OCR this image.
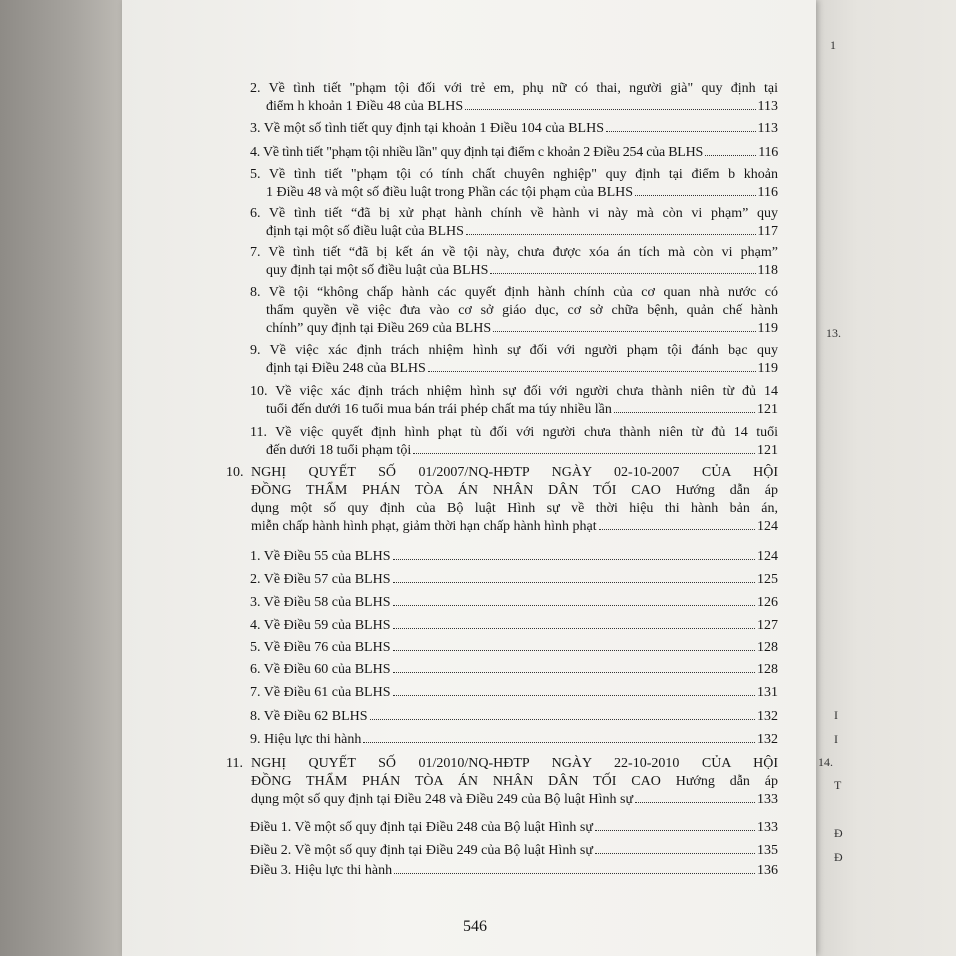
1
13.
14.
T
Đ
Đ
I
I
2. Về tình tiết "phạm tội đối với trẻ em, phụ nữ có thai, người già" quy định tại
điểm h khoản 1 Điều 48 của BLHS	113
3. Về một số tình tiết quy định tại khoản 1 Điều 104 của BLHS	113
4. Về tình tiết "phạm tội nhiều lần" quy định tại điểm c khoản 2 Điều 254 của BLHS	116
5. Về tình tiết "phạm tội có tính chất chuyên nghiệp" quy định tại điểm b khoản
1 Điều 48 và một số điều luật trong Phần các tội phạm của BLHS	116
6. Về tình tiết “đã bị xử phạt hành chính về hành vi này mà còn vi phạm” quy
định tại một số điều luật của BLHS	117
7. Về tình tiết “đã bị kết án về tội này, chưa được xóa án tích mà còn vi phạm”
quy định tại một số điều luật của BLHS	118
8. Về tội “không chấp hành các quyết định hành chính của cơ quan nhà nước có
thẩm quyền về việc đưa vào cơ sở giáo dục, cơ sở chữa bệnh, quản chế hành
chính” quy định tại Điều 269 của BLHS	119
9. Về việc xác định trách nhiệm hình sự đối với người phạm tội đánh bạc quy
định tại Điều 248 của BLHS	119
10. Về việc xác định trách nhiệm hình sự đối với người chưa thành niên từ đủ 14
tuổi đến dưới 16 tuổi mua bán trái phép chất ma túy nhiều lần	121
11. Về việc quyết định hình phạt tù đối với người chưa thành niên từ đủ 14 tuổi
đến dưới 18 tuổi phạm tội	121
10. NGHỊ QUYẾT SỐ 01/2007/NQ-HĐTP NGÀY 02-10-2007 CỦA HỘI
ĐỒNG THẨM PHÁN TÒA ÁN NHÂN DÂN TỐI CAO Hướng dẫn áp
dụng một số quy định của Bộ luật Hình sự về thời hiệu thi hành bản án,
miễn chấp hành hình phạt, giảm thời hạn chấp hành hình phạt	124
1. Về Điều 55 của BLHS	124
2. Về Điều 57 của BLHS	125
3. Về Điều 58 của BLHS	126
4. Về Điều 59 của BLHS	127
5. Về Điều 76 của BLHS	128
6. Về Điều 60 của BLHS	128
7. Về Điều 61 của BLHS	131
8. Về Điều 62 BLHS	132
9. Hiệu lực thi hành	132
11. NGHỊ QUYẾT SỐ 01/2010/NQ-HĐTP NGÀY 22-10-2010 CỦA HỘI
ĐỒNG THẨM PHÁN TÒA ÁN NHÂN DÂN TỐI CAO Hướng dẫn áp
dụng một số quy định tại Điều 248 và Điều 249 của Bộ luật Hình sự	133
Điều 1. Về một số quy định tại Điều 248 của Bộ luật Hình sự	133
Điều 2. Về một số quy định tại Điều 249 của Bộ luật Hình sự	135
Điều 3. Hiệu lực thi hành	136
546
